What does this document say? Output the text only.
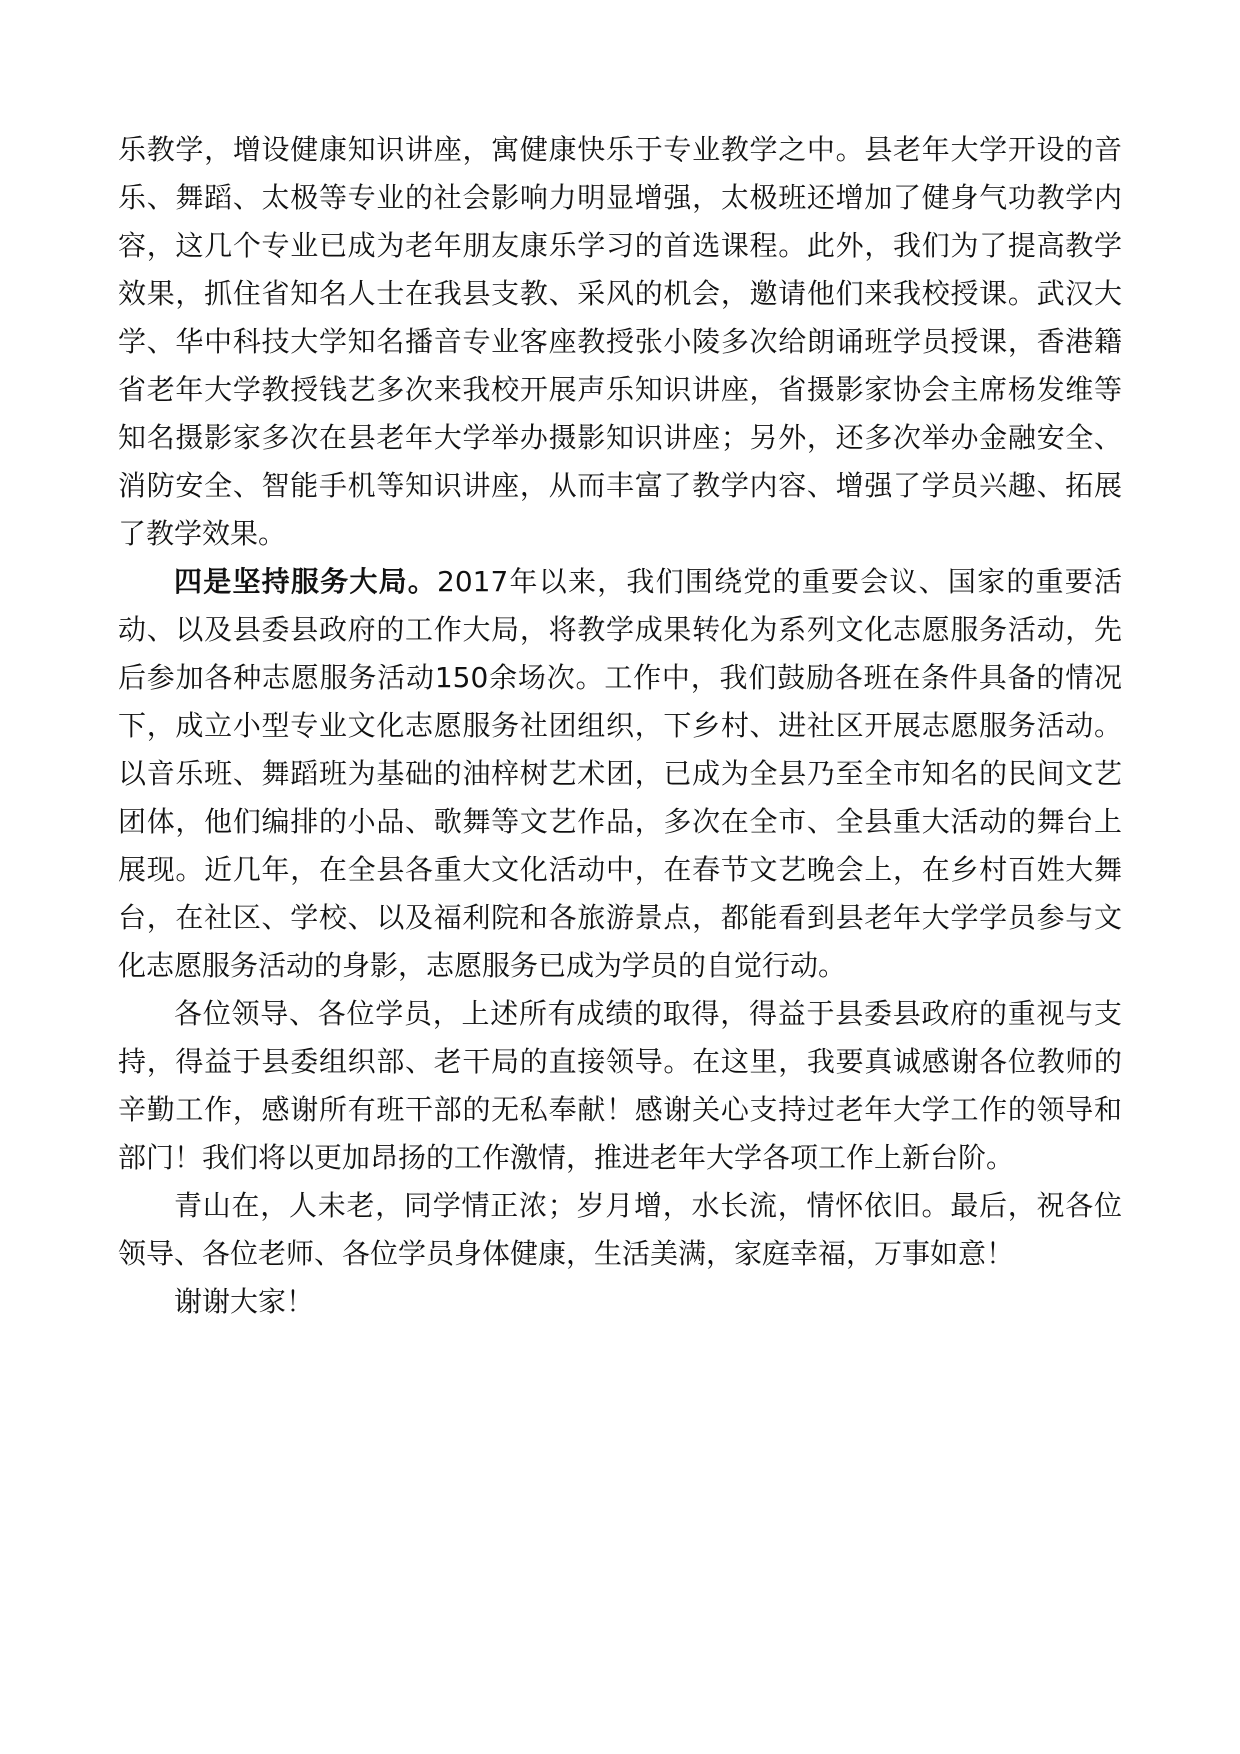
乐教学，增设健康知识讲座，寓健康快乐于专业教学之中。县老年大学开设的音乐、舞蹈、太极等专业的社会影响力明显增强，太极班还增加了健身气功教学内容，这几个专业已成为老年朋友康乐学习的首选课程。此外，我们为了提高教学效果，抓住省知名人士在我县支教、采风的机会，邀请他们来我校授课。武汉大学、华中科技大学知名播音专业客座教授张小陵多次给朗诵班学员授课，香港籍省老年大学教授钱艺多次来我校开展声乐知识讲座，省摄影家协会主席杨发维等知名摄影家多次在县老年大学举办摄影知识讲座；另外，还多次举办金融安全、消防安全、智能手机等知识讲座，从而丰富了教学内容、增强了学员兴趣、拓展了教学效果。

四是坚持服务大局。2017年以来，我们围绕党的重要会议、国家的重要活动、以及县委县政府的工作大局，将教学成果转化为系列文化志愿服务活动，先后参加各种志愿服务活动150余场次。工作中，我们鼓励各班在条件具备的情况下，成立小型专业文化志愿服务社团组织，下乡村、进社区开展志愿服务活动。以音乐班、舞蹈班为基础的油梓树艺术团，已成为全县乃至全市知名的民间文艺团体，他们编排的小品、歌舞等文艺作品，多次在全市、全县重大活动的舞台上展现。近几年，在全县各重大文化活动中，在春节文艺晚会上，在乡村百姓大舞台，在社区、学校、以及福利院和各旅游景点，都能看到县老年大学学员参与文化志愿服务活动的身影，志愿服务已成为学员的自觉行动。

各位领导、各位学员，上述所有成绩的取得，得益于县委县政府的重视与支持，得益于县委组织部、老干局的直接领导。在这里，我要真诚感谢各位教师的辛勤工作，感谢所有班干部的无私奉献！感谢关心支持过老年大学工作的领导和部门！我们将以更加昂扬的工作激情，推进老年大学各项工作上新台阶。

青山在，人未老，同学情正浓；岁月增，水长流，情怀依旧。最后，祝各位领导、各位老师、各位学员身体健康，生活美满，家庭幸福，万事如意！

谢谢大家！
